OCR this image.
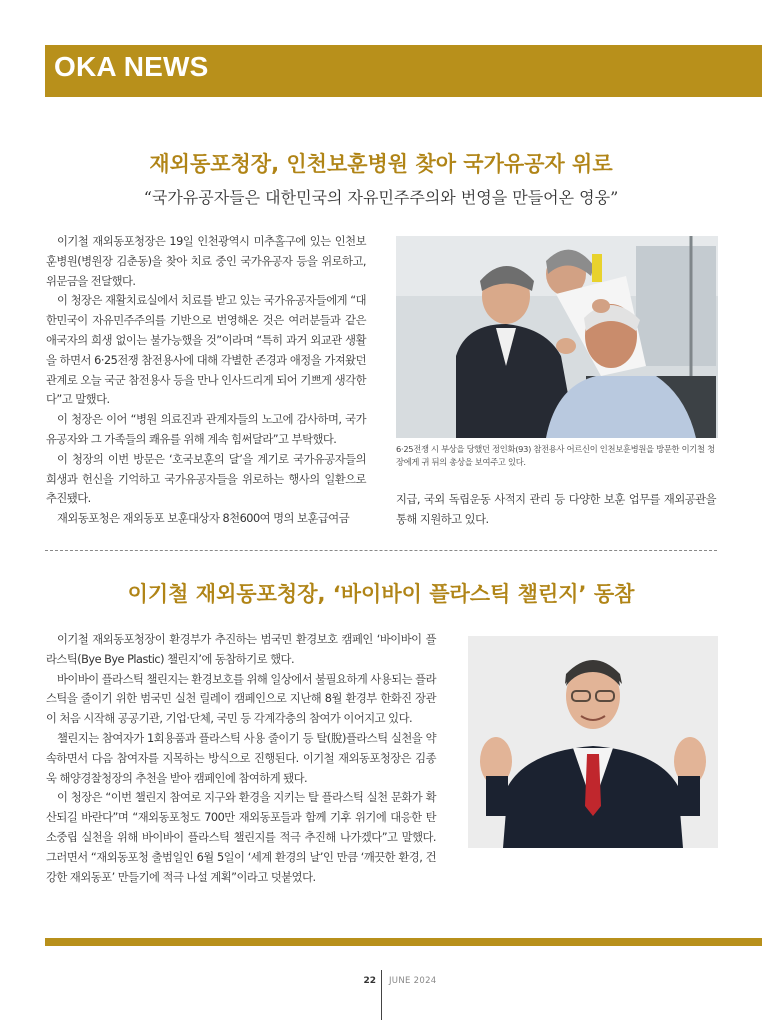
OKA NEWS
재외동포청장, 인천보훈병원 찾아 국가유공자 위로
“국가유공자들은 대한민국의 자유민주주의와 번영을 만들어온 영웅”

이기철 재외동포청장은 19일 인천광역시 미추홀구에 있는 인천보훈병원(병원장 김춘동)을 찾아 치료 중인 국가유공자 등을 위로하고, 위문금을 전달했다.

이 청장은 재활치료실에서 치료를 받고 있는 국가유공자들에게 “대한민국이 자유민주주의를 기반으로 번영해온 것은 여러분들과 같은 애국자의 희생 없이는 불가능했을 것”이라며 “특히 과거 외교관 생활을 하면서 6·25전쟁 참전용사에 대해 각별한 존경과 애정을 가져왔던 관계로 오늘 국군 참전용사 등을 만나 인사드리게 되어 기쁘게 생각한다”고 말했다.

이 청장은 이어 “병원 의료진과 관계자들의 노고에 감사하며, 국가유공자와 그 가족들의 쾌유를 위해 계속 힘써달라”고 부탁했다.

이 청장의 이번 방문은 ‘호국보훈의 달’을 계기로 국가유공자들의 희생과 헌신을 기억하고 국가유공자들을 위로하는 행사의 일환으로 추진됐다.

재외동포청은 재외동포 보훈대상자 8천600여 명의 보훈급여금

6·25전쟁 시 부상을 당했던 정인화(93) 참전용사 어르신이 인천보훈병원을 방문한 이기철 청장에게 귀 뒤의 총상을 보여주고 있다.

지급, 국외 독립운동 사적지 관리 등 다양한 보훈 업무를 재외공관을 통해 지원하고 있다.

이기철 재외동포청장, ‘바이바이 플라스틱 챌린지’ 동참

이기철 재외동포청장이 환경부가 추진하는 범국민 환경보호 캠페인 ‘바이바이 플라스틱(Bye Bye Plastic) 챌린지’에 동참하기로 했다.

바이바이 플라스틱 챌린지는 환경보호를 위해 일상에서 불필요하게 사용되는 플라스틱을 줄이기 위한 범국민 실천 릴레이 캠페인으로 지난해 8월 환경부 한화진 장관이 처음 시작해 공공기관, 기업·단체, 국민 등 각계각층의 참여가 이어지고 있다.

챌린지는 참여자가 1회용품과 플라스틱 사용 줄이기 등 탈(脫)플라스틱 실천을 약속하면서 다음 참여자를 지목하는 방식으로 진행된다. 이기철 재외동포청장은 김종욱 해양경찰청장의 추천을 받아 캠페인에 참여하게 됐다.

이 청장은 “이번 챌린지 참여로 지구와 환경을 지키는 탈 플라스틱 실천 문화가 확산되길 바란다”며 “재외동포청도 700만 재외동포들과 함께 기후 위기에 대응한 탄소중립 실천을 위해 바이바이 플라스틱 챌린지를 적극 추진해 나가겠다”고 말했다. 그러면서 “재외동포청 출범일인 6월 5일이 ‘세계 환경의 날’인 만큼 ‘깨끗한 환경, 건강한 재외동포’ 만들기에 적극 나설 계획”이라고 덧붙였다.

22 JUNE 2024
